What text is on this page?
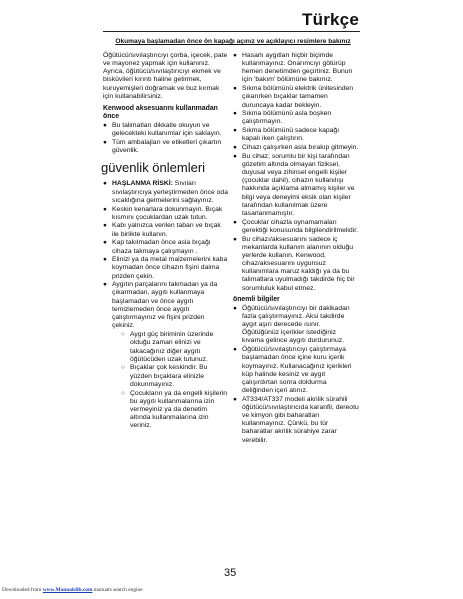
Türkçe
Okumaya başlamadan önce ön kapağı açınız ve açıklayıcı resimlere bakınız

Öğütücü/sıvılaştırıcıyı çorba, içecek, pate ve mayonez yapmak için kullanınız. Ayrıca, öğütücü/sıvılaştırıcıyı ekmek ve bisküvileri kırıntı haline getirmek, kuruyemişleri doğramak ve buz kırmak için kullanabilirsiniz.

Kenwood aksesuarını kullanmadan önce
● Bu talimatları dikkatle okuyun ve gelecekteki kullanımlar için saklayın.
● Tüm ambalajları ve etiketleri çıkartın güvenlik.
güvenlik önlemleri
● HAŞLANMA RİSKİ: Sıvıları sıvılaştırıcıya yerleştirmeden önce oda sıcaklığına gelmelerini sağlayınız.
● Keskin kenarlara dokunmayın. Bıçak kısmını çocuklardan uzak tutun.
● Kabı yalnızca verilen taban ve bıçak ile birlikte kullanın.
● Kap takılmadan önce asla bıçağı cihaza takmaya çalışmayın .
● Elinizi ya da metal malzemelerini kaba koymadan önce cihazın fişini daima prizden çekin.
● Aygıtın parçalarını takmadan ya da çıkarmadan, aygıtı kullanmaya başlamadan ve önce aygıtı temizlemeden önce aygıtı çalıştırmayınız ve fişini prizden çekiniz.
○ Aygıt güç biriminin üzerinde olduğu zaman elinizi ve takacağınız diğer aygıtı öğütücüden uzak tutunuz.
○ Bıçaklar çok keskindir. Bu yüzden bıçaklara elinizle dokunmayınız.
○ Çocukların ya da engelli kişilerin bu aygıtı kullanmalarına izin vermeyiniz ya da denetim altında kullanmalarına izin veriniz.
● Hasarlı aygıtları hiçbir biçimde kullanmayınız. Onarımcıyı götürüp hemen denetimden geçirtiniz. Bunun için 'bakım' bölümüne bakınız.
● Sıkma bölümünü elektrik ünitesinden çıkarırken bıçaklar tamamen duruncaya kadar bekleyin.
● Sıkma bölümünü asla boşken çalıştırmayın.
● Sıkma bölümünü sadece kapağı kapalı iken çalıştırın.
● Cihazı çalışırken asla bırakıp gitmeyin.
● Bu cihaz; sorumlu bir kişi tarafından gözetim altında olmayan fiziksel, duyusal veya zihinsel engelli kişiler (çocuklar dahil), cihazın kullanılışı hakkında açıklama almamış kişiler ve bilgi veya deneyimi eksik olan kişiler tarafından kullanılmak üzere tasarlanmamıştır.
● Çocuklar cihazla oynamamaları gerektiği konusunda bilgilendirilmelidir.
● Bu cihazı/aksesuarını sadece iç mekanlarda kullanım alanının olduğu yerlerde kullanın. Kenwood, cihaz/aksesuarını uygunsuz kullanımlara maruz kaldığı ya da bu talimatlara uyulmadığı takdirde hiç bir sorumluluk kabul etmez.
önemli bilgiler
● Öğütücü/sıvılaştırıcıyı bir dakikadan fazla çalıştırmayınız. Aksi takdirde aygıt aşırı derecede ısınır. Öğütüğünüz içerikler istediğiniz kıvama gelince aygıtı durdurunuz.
● Öğütücü/sıvılaştırıcıyı çalıştırmaya başlamadan önce içine kuru içerik koymayınız. Kullanacağınız içerikleri küp halinde kesiniz ve aygıt çalışırdırtan sonra doldurma deliğinden içeri atınız.
● AT334/AT337 modeli akrilik sürahili öğütücü/sıvılaştırıcıda karanfil, dereotu ve kimyon gibi baharatları kullanmayınız. Çünkü, bu tür baharatlar akrilik sürahiye zarar verebilir.
35
Downloaded from www.Manualslib.com manuals search engine
